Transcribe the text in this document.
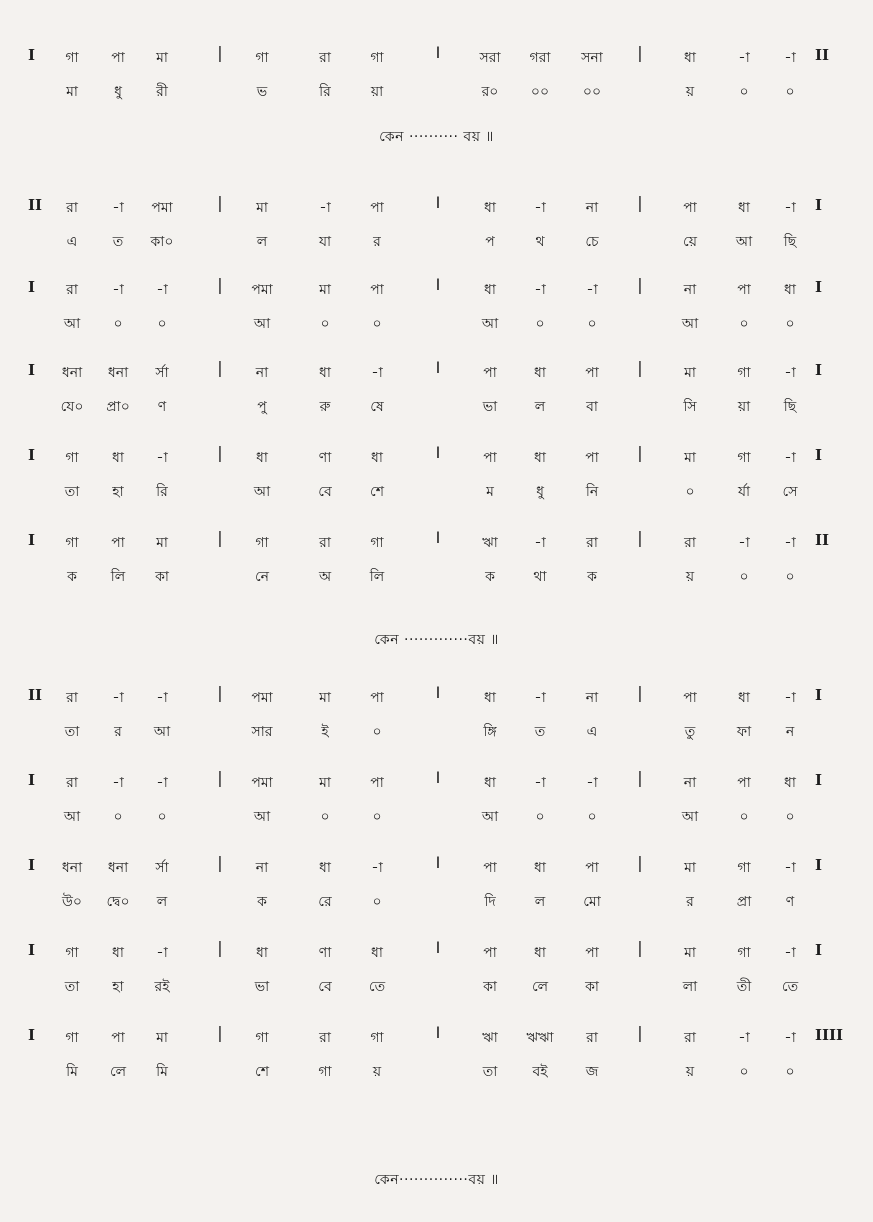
I গা পা মা	| গা	রা	গা	I	সরা গরা সনা |	ধা	-া -া II
মা	ধু রী	ভ	রি	য়া	র০ ০০ ০০	য়	০	০
কেন ·········· বয় ॥
II রা -া পমা	| মা	-া	পা	I	ধা	-া	না |	পা	ধা -া I
এ	ত কা০	ল	যা	র	প	থ	চে	য়ে	আ ছি
I রা -া -া	| পমা	মা	পা	I	ধা	-া	-া |	না	পা ধা I
আ ০ ০	আ	০	০	আ	০	০	আ	০	০
I ধনা ধনা র্সা	| না	ধা	-া	I	পা	ধা	পা |	মা	গা -া I
যে০ প্রা০ ণ	পু	রু	ষে	ভা	ল	বা	সি	য়া ছি
I গা ধা -া	| ধা	ণা	ধা	I	পা	ধা	পা |	মা	গা -া I
তা হা রি	আ	বে	শে	ম	ধু	নি	০	র্যা সে
I গা পা মা	| গা	রা	গা	I	ঋা	-া	রা |	রা	-া -া II
ক লি কা	নে	অ	লি	ক	থা	ক	য়	০	০
কেন ·············বয় ॥
II রা -া -া	| পমা	মা	পা	I	ধা	-া	না |	পা	ধা -া I
তা র আ	সার	ই	০	ঙ্গি	ত	এ	তু	ফা ন
I রা -া -া	| পমা	মা	পা	I	ধা	-া	-া |	না	পা ধা I
আ ০ ০	আ	০	০	আ	০	০	আ	০	০
I ধনা ধনা র্সা	| না	ধা	-া	I	পা	ধা	পা |	মা	গা -া I
উ০ দ্বে০ ল	ক	রে	০	দি	ল	মো	র	প্রা ণ
I গা ধা -া	| ধা	ণা	ধা	I	পা	ধা	পা |	মা	গা -া I
তা হা রই	ভা	বে	তে	কা	লে	কা	লা	তী তে
I গা পা মা	| গা	রা	গা	I	ঋা ঋঋা রা |	রা	-া -া IIII
মি লে মি	শে	গা	য়	তা	বই	জ	য়	০	০
কেন··············বয় ॥
